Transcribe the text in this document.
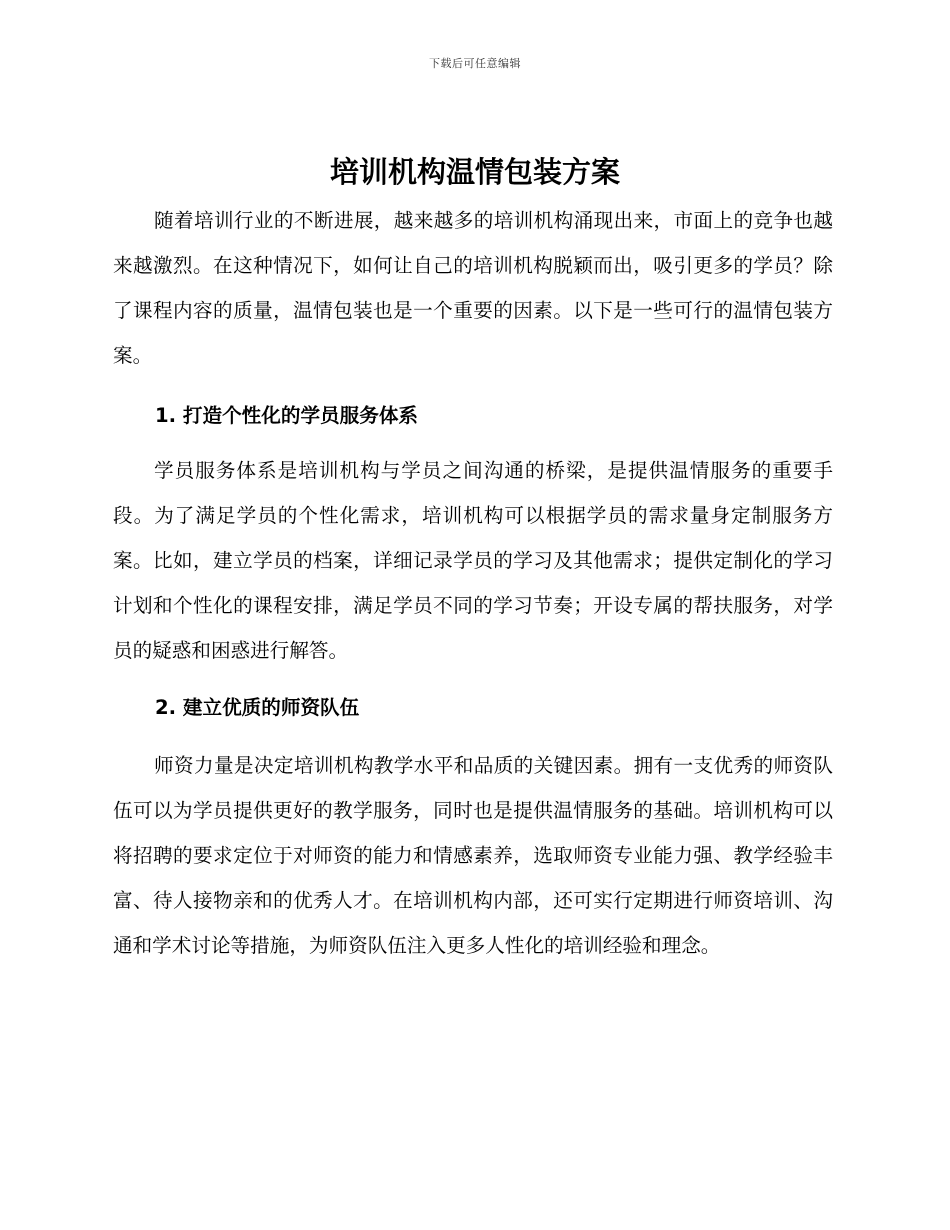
下载后可任意编辑
培训机构温情包装方案

随着培训行业的不断进展，越来越多的培训机构涌现出来，市面上的竞争也越来越激烈。在这种情况下，如何让自己的培训机构脱颖而出，吸引更多的学员？除了课程内容的质量，温情包装也是一个重要的因素。以下是一些可行的温情包装方案。

1. 打造个性化的学员服务体系

学员服务体系是培训机构与学员之间沟通的桥梁，是提供温情服务的重要手段。为了满足学员的个性化需求，培训机构可以根据学员的需求量身定制服务方案。比如，建立学员的档案，详细记录学员的学习及其他需求；提供定制化的学习计划和个性化的课程安排，满足学员不同的学习节奏；开设专属的帮扶服务，对学员的疑惑和困惑进行解答。

2. 建立优质的师资队伍

师资力量是决定培训机构教学水平和品质的关键因素。拥有一支优秀的师资队伍可以为学员提供更好的教学服务，同时也是提供温情服务的基础。培训机构可以将招聘的要求定位于对师资的能力和情感素养，选取师资专业能力强、教学经验丰富、待人接物亲和的优秀人才。在培训机构内部，还可实行定期进行师资培训、沟通和学术讨论等措施，为师资队伍注入更多人性化的培训经验和理念。
